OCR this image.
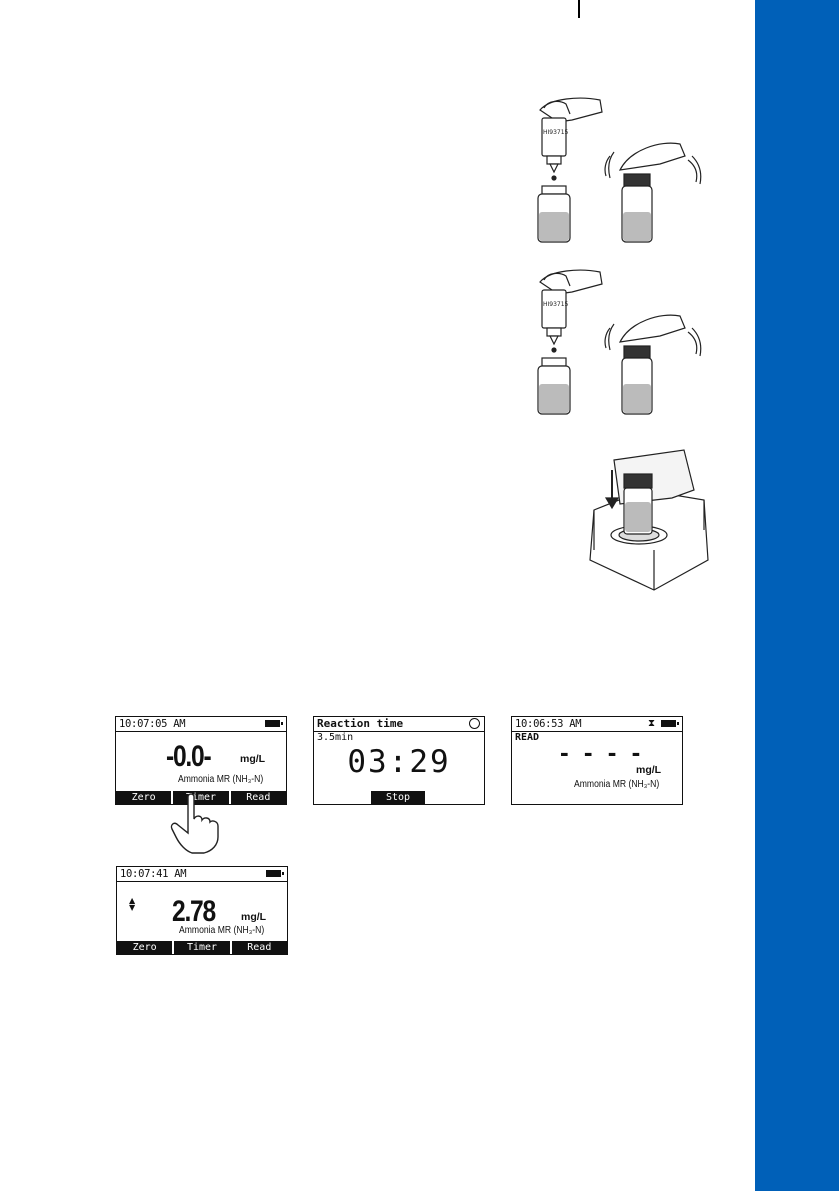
HI93715
HI93715
10:07:05 AM
-0.0-	mg/L
Ammonia MR (NH₃-N)
Zero	Timer	Read
Reaction time
3.5min
03:29
Stop
10:06:53 AM	⧗
READ - - - -
mg/L
Ammonia MR (NH₃-N)
10:07:41 AM
▲
▼ 2.78 mg/L
Ammonia MR (NH₃-N)
Zero	Timer	Read
